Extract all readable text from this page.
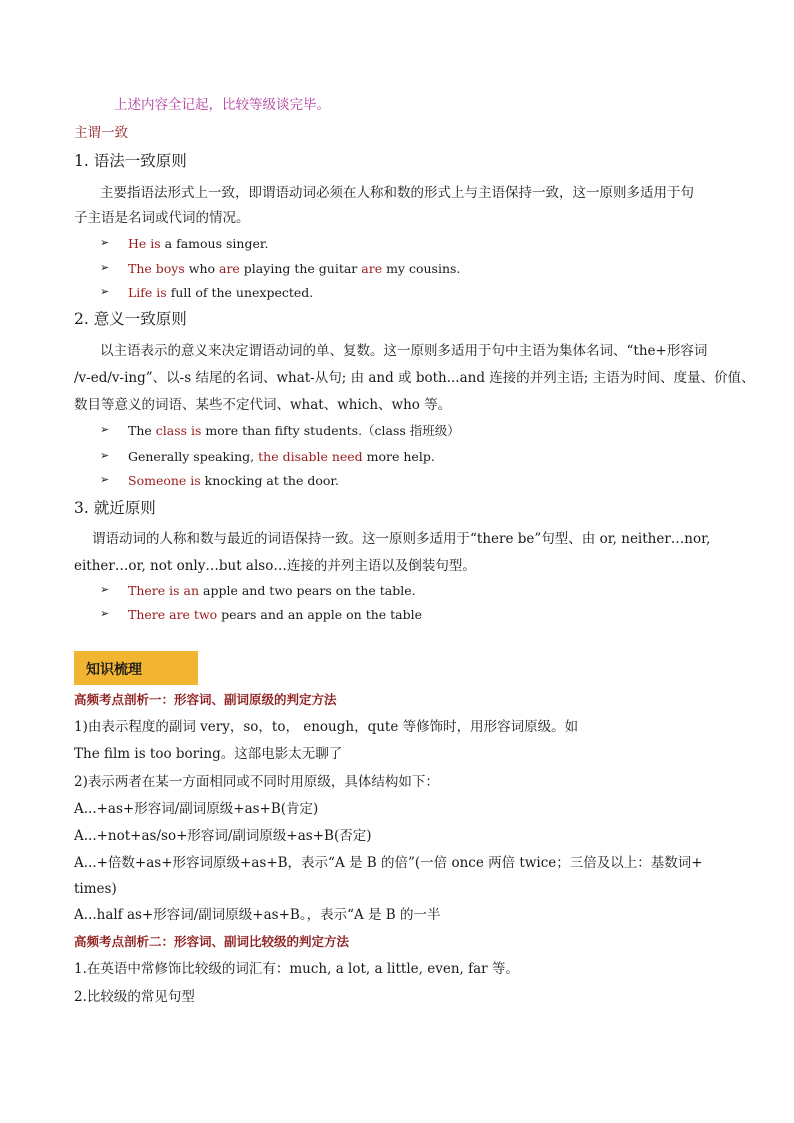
上述内容全记起，比较等级谈完毕。
主谓一致
1. 语法一致原则
主要指语法形式上一致，即谓语动词必须在人称和数的形式上与主语保持一致，这一原则多适用于句
子主语是名词或代词的情况。
➢ He is a famous singer.
➢ The boys who are playing the guitar are my cousins.
➢ Life is full of the unexpected.
2. 意义一致原则
以主语表示的意义来决定谓语动词的单、复数。这一原则多适用于句中主语为集体名词、“the+形容词
/v-ed/v-ing”、以-s 结尾的名词、what-从句; 由 and 或 both...and 连接的并列主语; 主语为时间、度量、价值、
数目等意义的词语、某些不定代词、what、which、who 等。
➢ The class is more than fifty students.（class 指班级）
➢ Generally speaking, the disable need more help.
➢ Someone is knocking at the door.
3. 就近原则
谓语动词的人称和数与最近的词语保持一致。这一原则多适用于“there be”句型、由 or, neither…nor,
either…or, not only…but also…连接的并列主语以及倒装句型。
➢ There is an apple and two pears on the table.
➢ There are two pears and an apple on the table
知识梳理
高频考点剖析一：形容词、副词原级的判定方法
1)由表示程度的副词 very，so，to， enough，qute 等修饰时，用形容词原级。如
The film is too boring。这部电影太无聊了
2)表示两者在某一方面相同或不同时用原级，具体结构如下：
A...+as+形容词/副词原级+as+B(肯定)
A...+not+as/so+形容词/副词原级+as+B(否定)
A...+倍数+as+形容词原级+as+B，表示“A 是 B 的倍”(一倍 once 两倍 twice；三倍及以上：基数词+
times)
A...half as+形容词/副词原级+as+B。，表示“A 是 B 的一半
高频考点剖析二：形容词、副词比较级的判定方法
1.在英语中常修饰比较级的词汇有：much, a lot, a little, even, far 等。
2.比较级的常见句型
